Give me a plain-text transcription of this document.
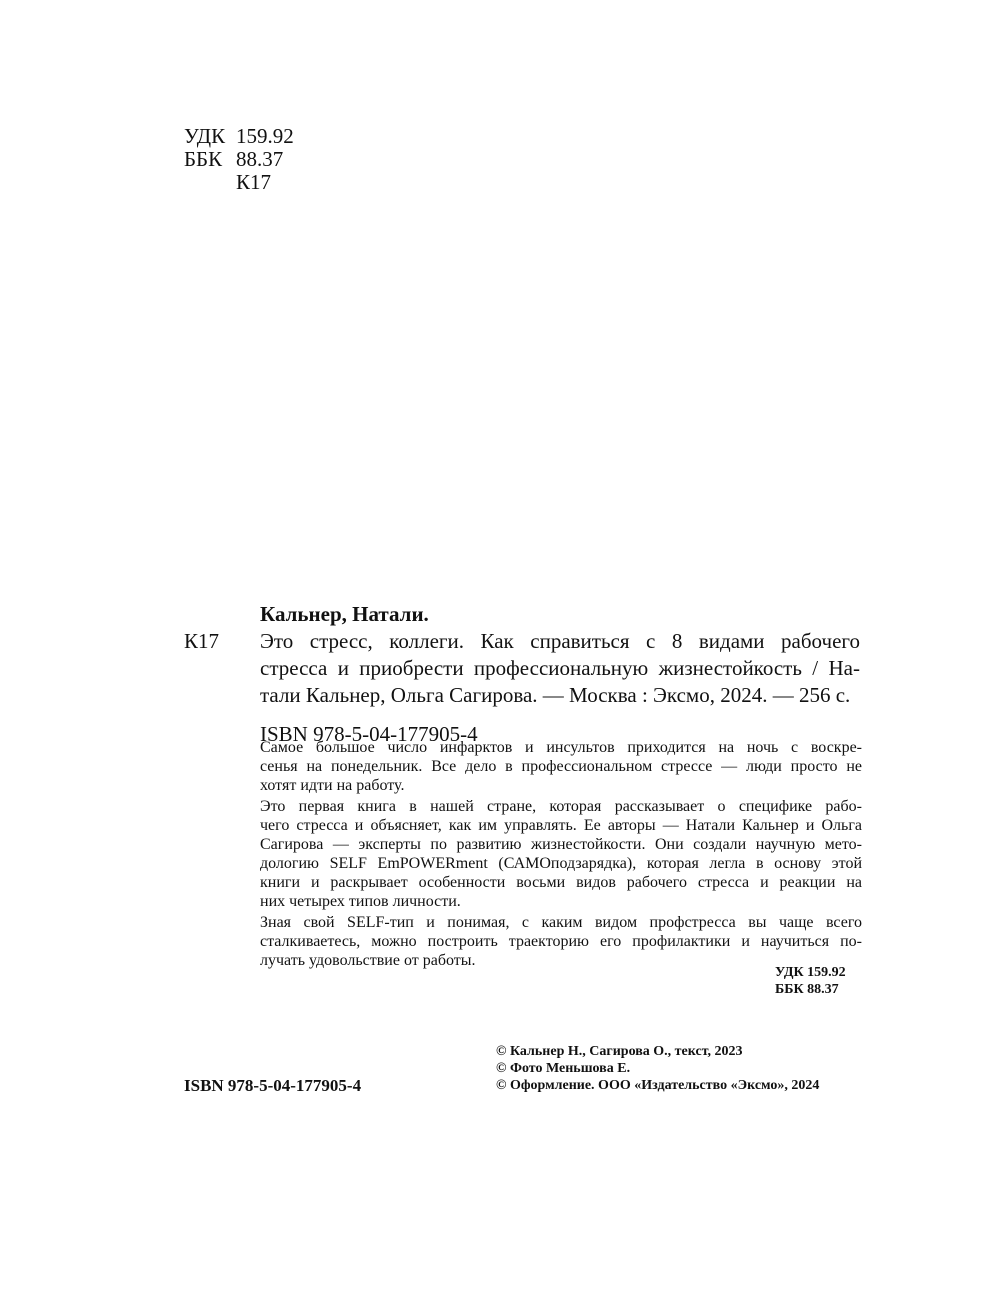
УДК 159.92
ББК 88.37
К17
Кальнер, Натали.
К17	Это стресс, коллеги. Как справиться с 8 видами рабочего
стресса и приобрести профессиональную жизнестойкость / На-
тали Кальнер, Ольга Сагирова. — Москва : Эксмо, 2024. — 256 с.
ISBN 978-5-04-177905-4

Самое большое число инфарктов и инсультов приходится на ночь с воскре-
сенья на понедельник. Все дело в профессиональном стрессе — люди просто не
хотят идти на работу.

Это первая книга в нашей стране, которая рассказывает о специфике рабо-
чего стресса и объясняет, как им управлять. Ее авторы — Натали Кальнер и Ольга
Сагирова — эксперты по развитию жизнестойкости. Они создали научную мето-
дологию SELF EmPOWERment (САМОподзарядка), которая легла в основу этой
книги и раскрывает особенности восьми видов рабочего стресса и реакции на
них четырех типов личности.

Зная свой SELF-тип и понимая, с каким видом профстресса вы чаще всего
сталкиваетесь, можно построить траекторию его профилактики и научиться по-
лучать удовольствие от работы.

УДК 159.92
ББК 88.37
© Кальнер Н., Сагирова О., текст, 2023
© Фото Меньшова Е.
© Оформление. ООО «Издательство «Эксмо», 2024
ISBN 978-5-04-177905-4
